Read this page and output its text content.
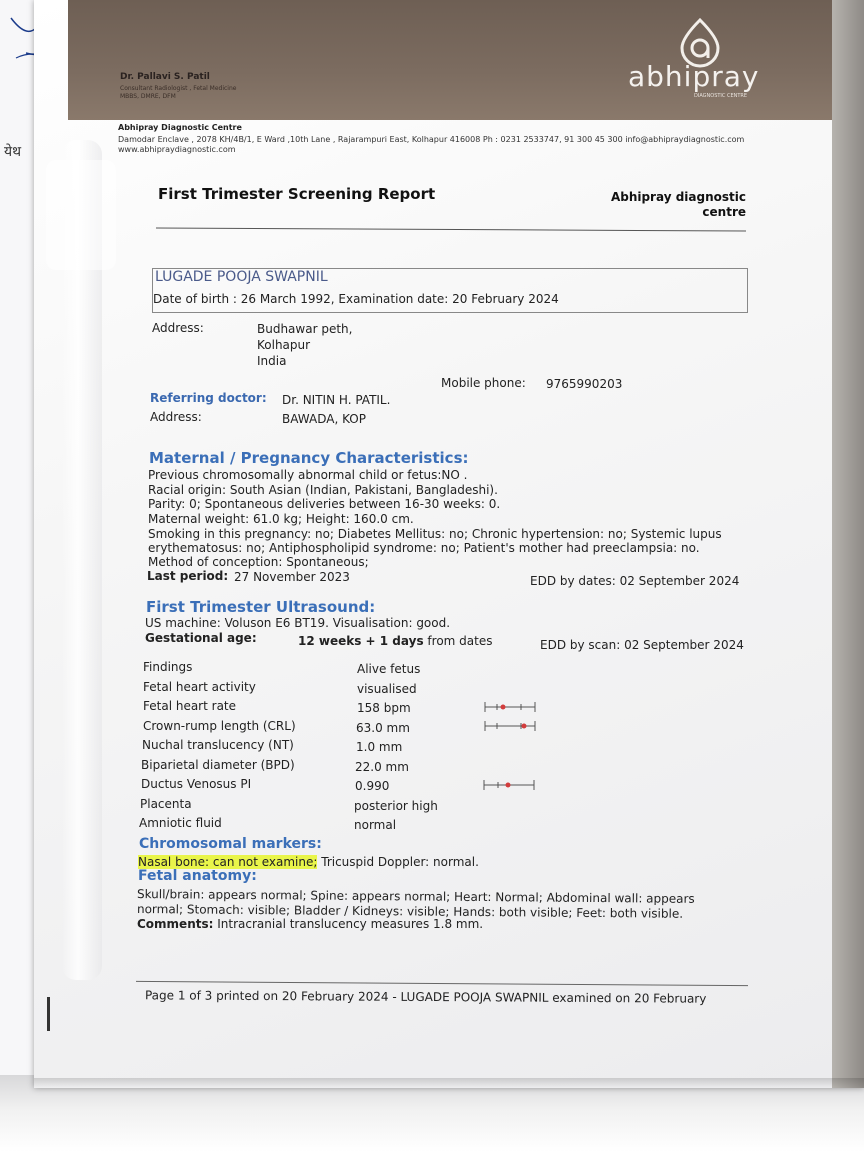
येथ
Dr. Pallavi S. Patil
Consultant Radiologist , Fetal Medicine
MBBS, DMRE, DFM
abhipray
DIAGNOSTIC CENTRE
Abhipray Diagnostic Centre
Damodar Enclave , 2078 KH/4B/1, E Ward ,10th Lane , Rajarampuri East, Kolhapur 416008 Ph : 0231 2533747, 91 300 45 300 info@abhipraydiagnostic.com
www.abhipraydiagnostic.com
First Trimester Screening Report	Abhipray diagnostic centre
LUGADE POOJA SWAPNIL
Date of birth : 26 March 1992, Examination date: 20 February 2024
Address:	Budhawar peth,
Kolhapur
India
Mobile phone: 9765990203
Referring doctor: Dr. NITIN H. PATIL.
Address:	BAWADA, KOP
Maternal / Pregnancy Characteristics:
Previous chromosomally abnormal child or fetus:NO .
Racial origin: South Asian (Indian, Pakistani, Bangladeshi).
Parity: 0; Spontaneous deliveries between 16-30 weeks: 0.
Maternal weight: 61.0 kg; Height: 160.0 cm.
Smoking in this pregnancy: no; Diabetes Mellitus: no; Chronic hypertension: no; Systemic lupus
erythematosus: no; Antiphospholipid syndrome: no; Patient's mother had preeclampsia: no.
Method of conception: Spontaneous;
Last period: 27 November 2023	EDD by dates: 02 September 2024
First Trimester Ultrasound:
US machine: Voluson E6 BT19. Visualisation: good.
Gestational age:	12 weeks + 1 days from dates	EDD by scan: 02 September 2024
Findings	Alive fetus
Fetal heart activity	visualised
Fetal heart rate	158 bpm
Crown-rump length (CRL)	63.0 mm
Nuchal translucency (NT)	1.0 mm
Biparietal diameter (BPD)	22.0 mm
Ductus Venosus PI	0.990
Placenta	posterior high
Amniotic fluid	normal
Chromosomal markers:
Nasal bone: can not examine; Tricuspid Doppler: normal.
Fetal anatomy:
Skull/brain: appears normal; Spine: appears normal; Heart: Normal; Abdominal wall: appears
normal; Stomach: visible; Bladder / Kidneys: visible; Hands: both visible; Feet: both visible.
Comments: Intracranial translucency measures 1.8 mm.
Page 1 of 3 printed on 20 February 2024 - LUGADE POOJA SWAPNIL examined on 20 February
